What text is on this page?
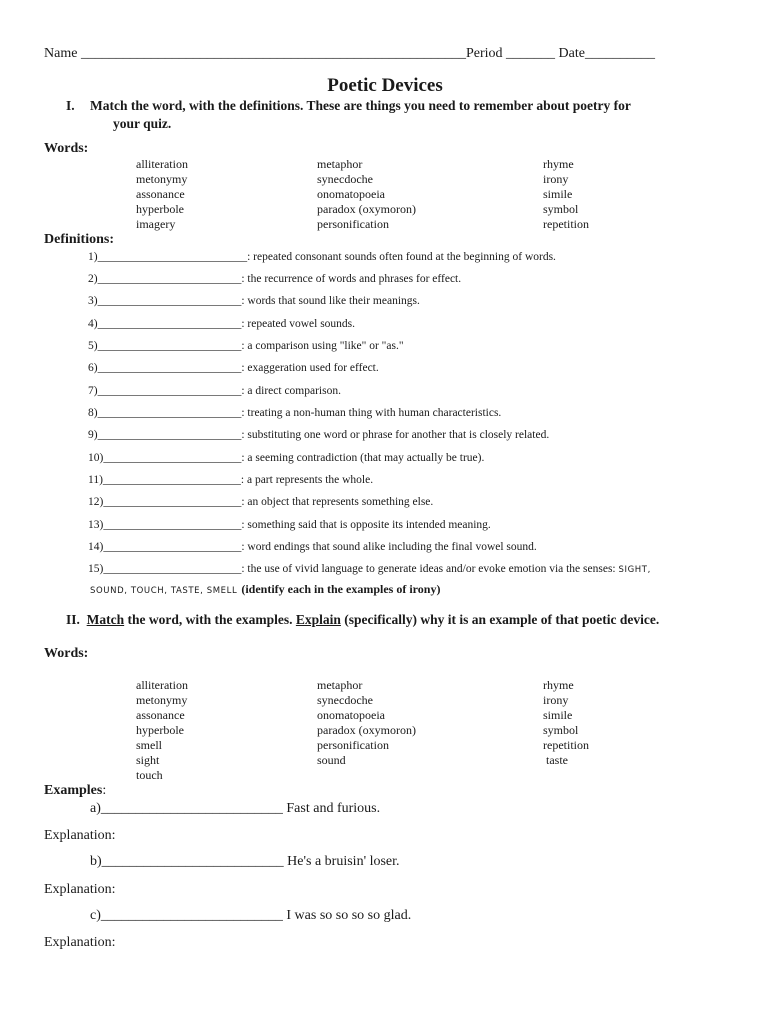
Name _______________________________________________________Period _______ Date__________
Poetic Devices
I. Match the word, with the definitions. These are things you need to remember about poetry for
your quiz.
Words:
alliteration
metonymy
assonance
hyperbole
imagery
metaphor
synecdoche
onomatopoeia
paradox (oxymoron)
personification
rhyme
irony
simile
symbol
repetition
Definitions:
1)__________________________: repeated consonant sounds often found at the beginning of words.
2)_________________________: the recurrence of words and phrases for effect.
3)_________________________: words that sound like their meanings.
4)_________________________: repeated vowel sounds.
5)_________________________: a comparison using "like" or "as."
6)_________________________: exaggeration used for effect.
7)_________________________: a direct comparison.
8)_________________________: treating a non-human thing with human characteristics.
9)_________________________: substituting one word or phrase for another that is closely related.
10)________________________: a seeming contradiction (that may actually be true).
11)________________________: a part represents the whole.
12)________________________: an object that represents something else.
13)________________________: something said that is opposite its intended meaning.
14)________________________: word endings that sound alike including the final vowel sound.
15)________________________: the use of vivid language to generate ideas and/or evoke emotion via the senses: SIGHT,
SOUND, TOUCH, TASTE, SMELL (identify each in the examples of irony)
II. Match the word, with the examples. Explain (specifically) why it is an example of that poetic device.
Words:
alliteration
metonymy
assonance
hyperbole
smell
sight
touch
metaphor
synecdoche
onomatopoeia
paradox (oxymoron)
personification
sound
rhyme
irony
simile
symbol
repetition
taste
Examples:
a)__________________________ Fast and furious.
Explanation:
b)__________________________ He's a bruisin' loser.
Explanation:
c)__________________________ I was so so so so glad.
Explanation:
